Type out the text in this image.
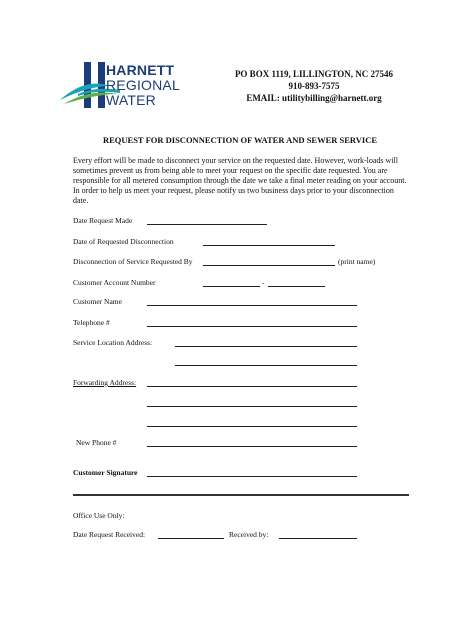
HARNETT
REGIONAL
WATER
PO BOX 1119, LILLINGTON, NC 27546
910-893-7575
EMAIL: utilitybilling@harnett.org
REQUEST FOR DISCONNECTION OF WATER AND SEWER SERVICE
Every effort will be made to disconnect your service on the requested date. However, work-loads will sometimes prevent us from being able to meet your request on the specific date requested. You are responsible for all metered consumption through the date we take a final meter reading on your account. In order to help us meet your request, please notify us two business days prior to your disconnection date.
Date Request Made
Date of Requested Disconnection
Disconnection of Service Requested By	(print name)
Customer Account Number	-
Customer Name
Telephone #
Service Location Address:
Forwarding Address:
New Phone #
Customer Signature
Office Use Only:
Date Request Received:	Received by:
